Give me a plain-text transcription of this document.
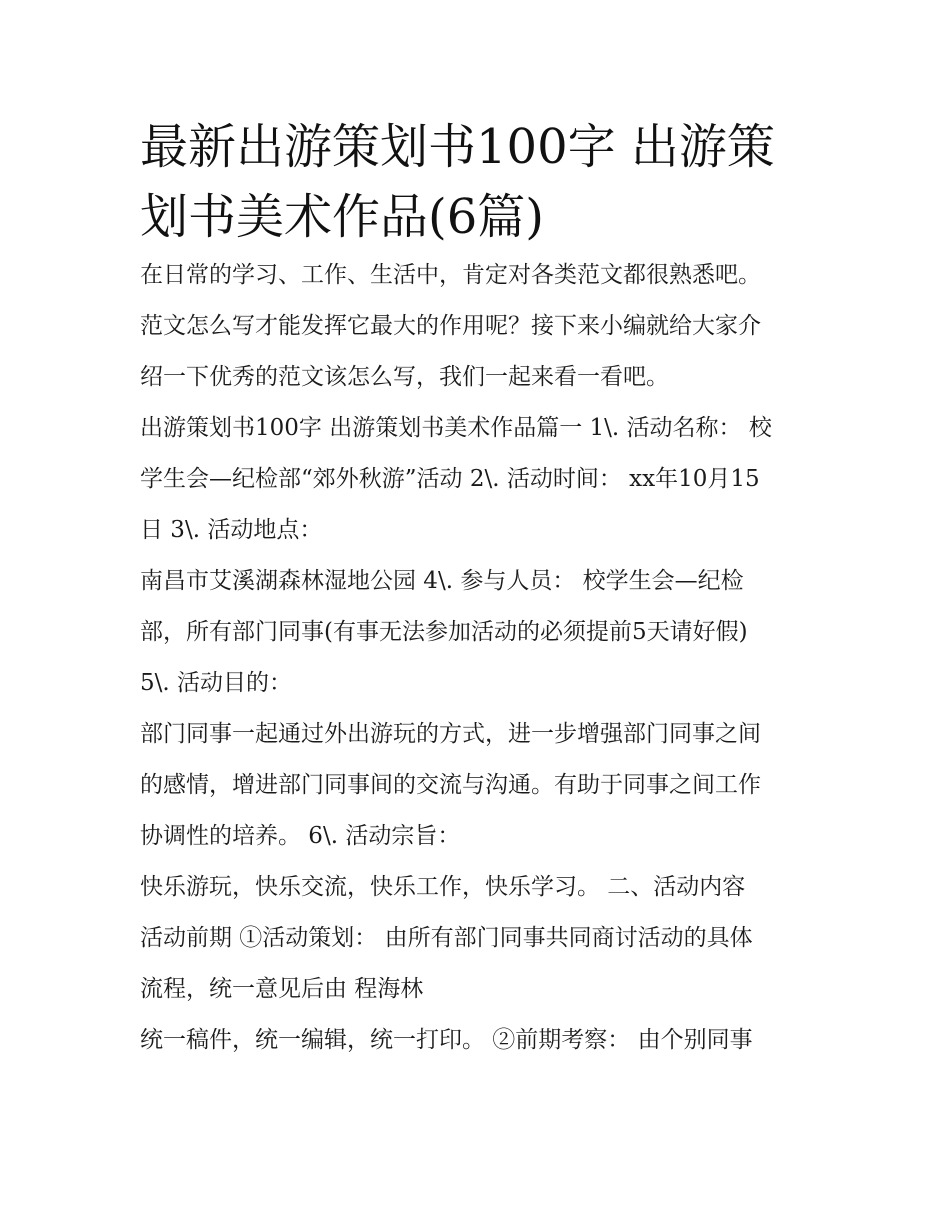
最新出游策划书100字 出游策
划书美术作品(6篇)
在日常的学习、工作、生活中，肯定对各类范文都很熟悉吧。
范文怎么写才能发挥它最大的作用呢？接下来小编就给大家介
绍一下优秀的范文该怎么写，我们一起来看一看吧。
出游策划书100字 出游策划书美术作品篇一 1\. 活动名称： 校
学生会—纪检部“郊外秋游”活动 2\. 活动时间： xx年10月15
日 3\. 活动地点：
南昌市艾溪湖森林湿地公园 4\. 参与人员： 校学生会—纪检
部，所有部门同事(有事无法参加活动的必须提前5天请好假)
5\. 活动目的：
部门同事一起通过外出游玩的方式，进一步增强部门同事之间
的感情，增进部门同事间的交流与沟通。有助于同事之间工作
协调性的培养。 6\. 活动宗旨：
快乐游玩，快乐交流，快乐工作，快乐学习。 二、活动内容
活动前期 ①活动策划： 由所有部门同事共同商讨活动的具体
流程，统一意见后由 程海林
统一稿件，统一编辑，统一打印。 ②前期考察： 由个别同事
